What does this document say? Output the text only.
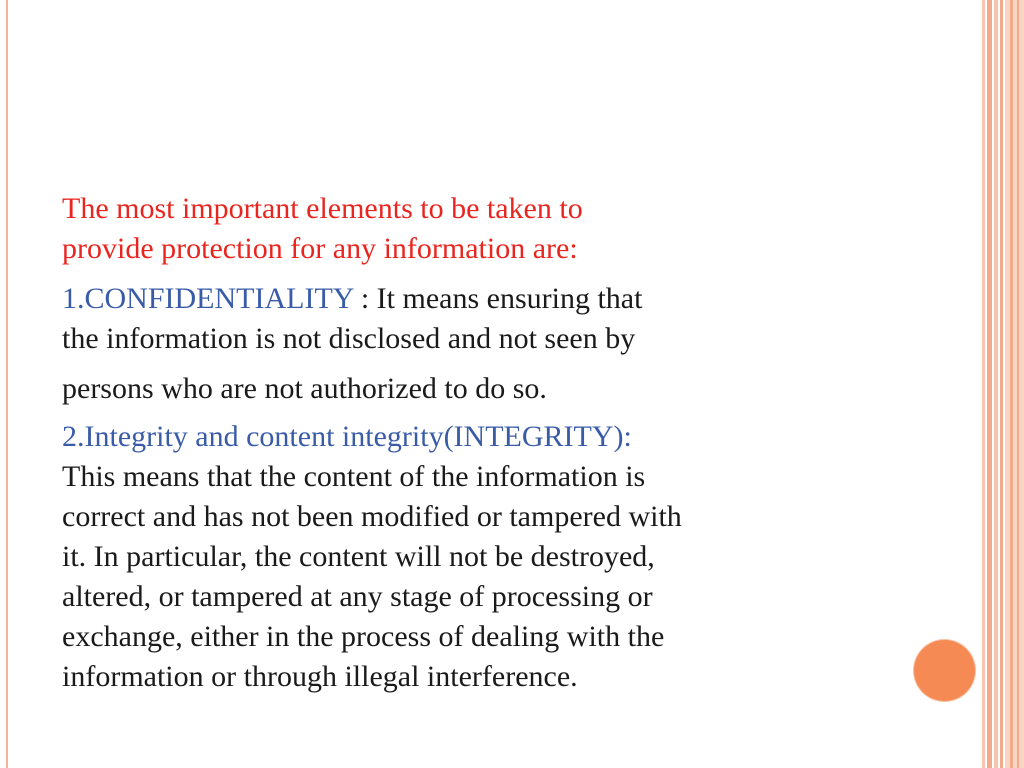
The most important elements to be taken to

provide protection for any information are:

1.CONFIDENTIALITY : It means ensuring that

the information is not disclosed and not seen by

persons who are not authorized to do so.

2.Integrity and content integrity(INTEGRITY):

This means that the content of the information is

correct and has not been modified or tampered with

it. In particular, the content will not be destroyed,

altered, or tampered at any stage of processing or

exchange, either in the process of dealing with the

information or through illegal interference.
